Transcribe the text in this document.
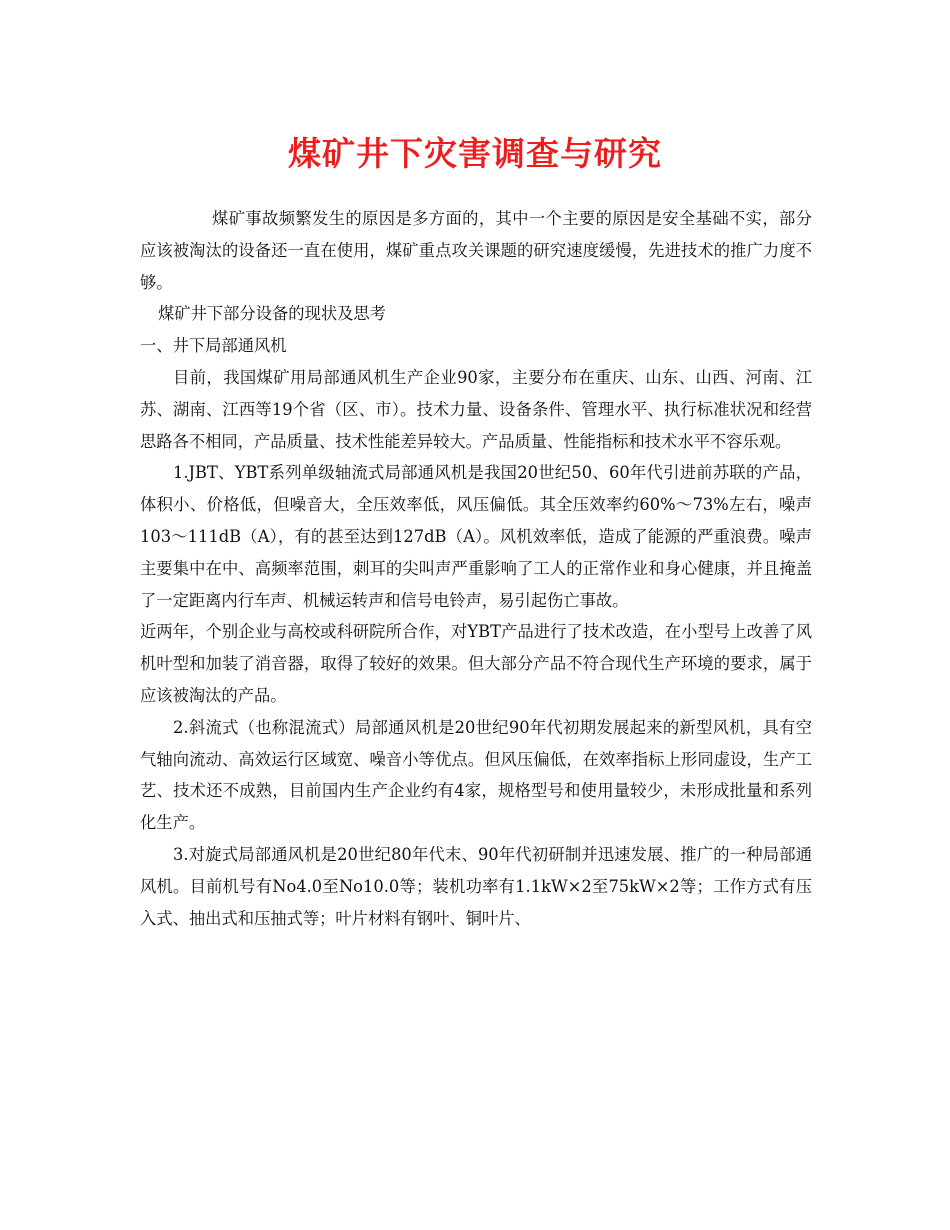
煤矿井下灾害调查与研究

煤矿事故频繁发生的原因是多方面的，其中一个主要的原因是安全基础不实，部分应该被淘汰的设备还一直在使用，煤矿重点攻关课题的研究速度缓慢，先进技术的推广力度不够。

煤矿井下部分设备的现状及思考

一、井下局部通风机

目前，我国煤矿用局部通风机生产企业90家，主要分布在重庆、山东、山西、河南、江苏、湖南、江西等19个省（区、市）。技术力量、设备条件、管理水平、执行标准状况和经营思路各不相同，产品质量、技术性能差异较大。产品质量、性能指标和技术水平不容乐观。

1.JBT、YBT系列单级轴流式局部通风机是我国20世纪50、60年代引进前苏联的产品，体积小、价格低，但噪音大，全压效率低，风压偏低。其全压效率约60%～73%左右，噪声103～111dB（A），有的甚至达到127dB（A）。风机效率低，造成了能源的严重浪费。噪声主要集中在中、高频率范围，刺耳的尖叫声严重影响了工人的正常作业和身心健康，并且掩盖了一定距离内行车声、机械运转声和信号电铃声，易引起伤亡事故。

近两年，个别企业与高校或科研院所合作，对YBT产品进行了技术改造，在小型号上改善了风机叶型和加装了消音器，取得了较好的效果。但大部分产品不符合现代生产环境的要求，属于应该被淘汰的产品。

2.斜流式（也称混流式）局部通风机是20世纪90年代初期发展起来的新型风机，具有空气轴向流动、高效运行区域宽、噪音小等优点。但风压偏低，在效率指标上形同虚设，生产工艺、技术还不成熟，目前国内生产企业约有4家，规格型号和使用量较少，未形成批量和系列化生产。

3.对旋式局部通风机是20世纪80年代末、90年代初研制并迅速发展、推广的一种局部通风机。目前机号有No4.0至No10.0等；装机功率有1.1kW×2至75kW×2等；工作方式有压入式、抽出式和压抽式等；叶片材料有钢叶、铜叶片、
